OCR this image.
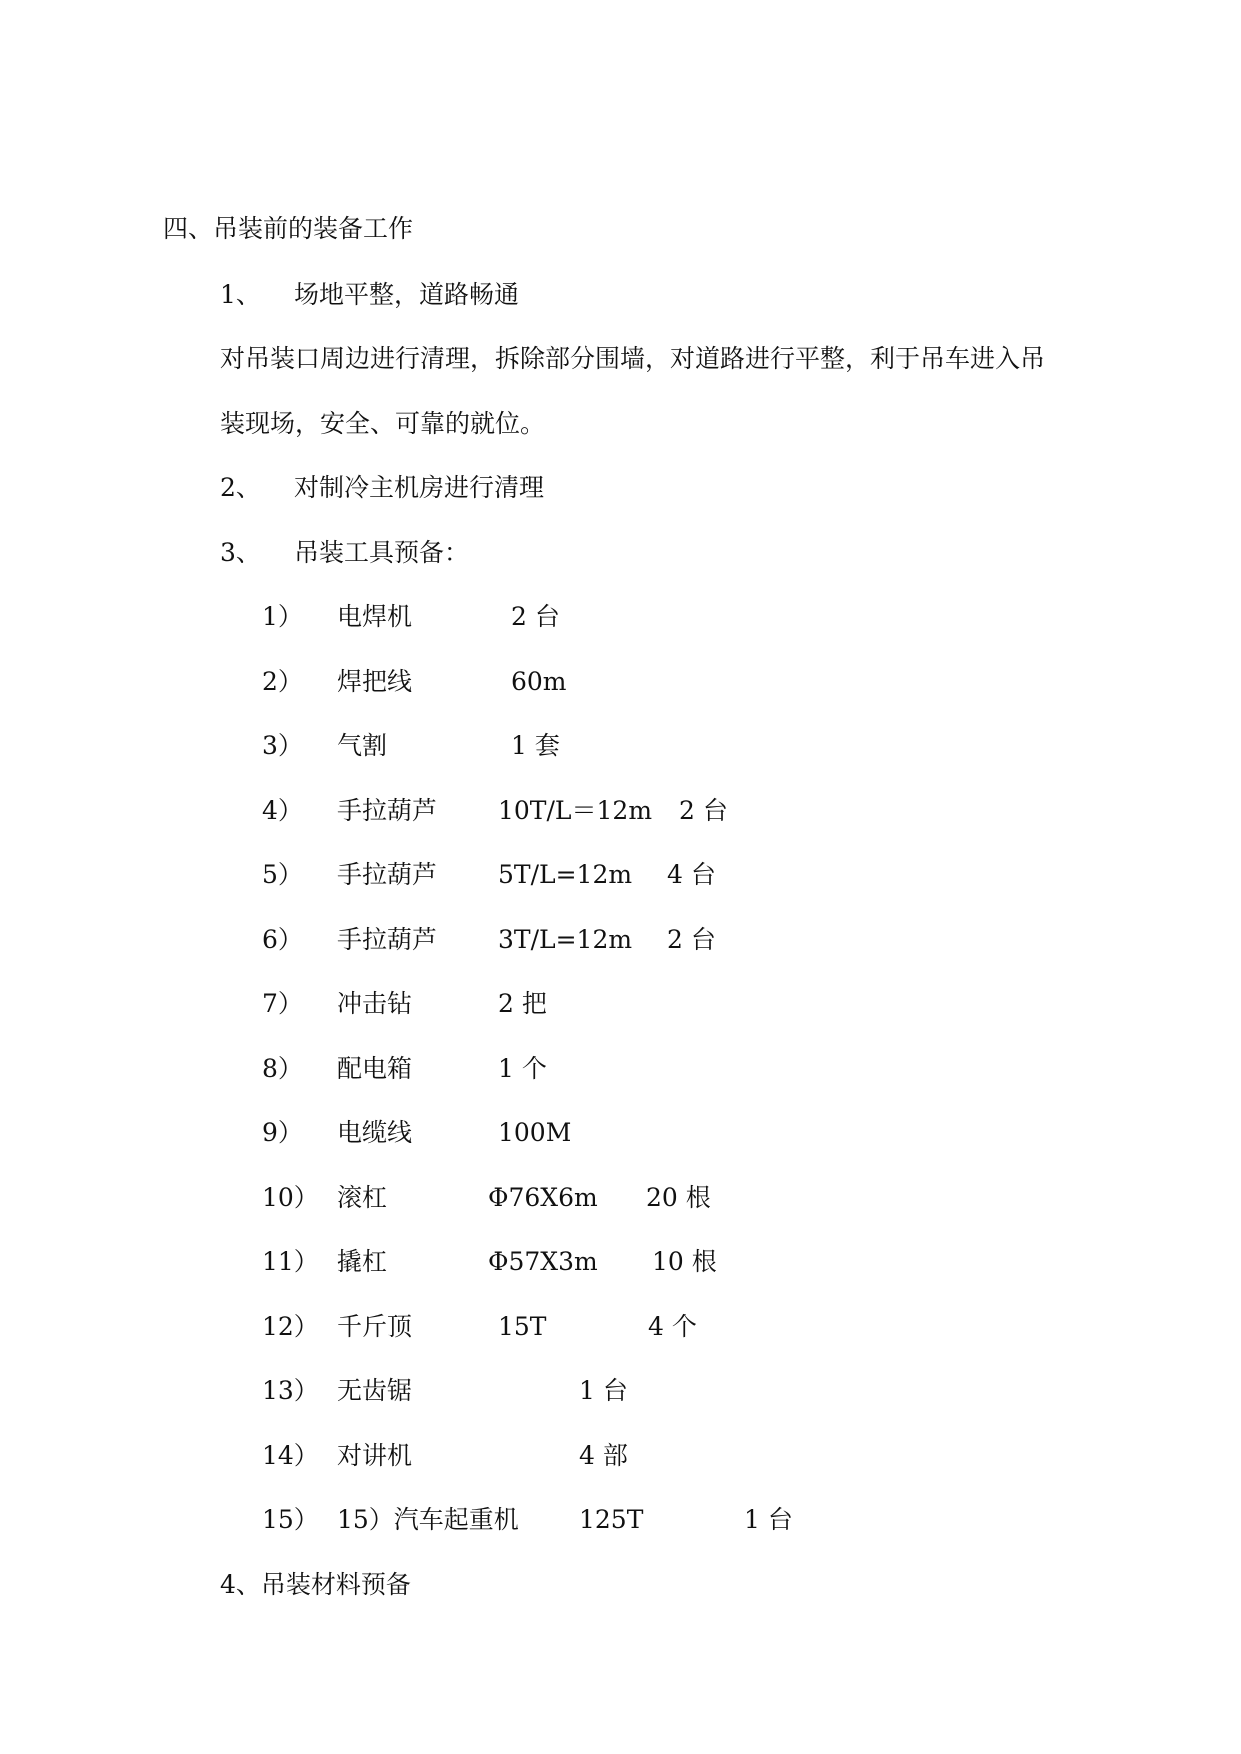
四、吊装前的装备工作
1、 场地平整，道路畅通
对吊装口周边进行清理，拆除部分围墙，对道路进行平整，利于吊车进入吊
装现场，安全、可靠的就位。
2、 对制冷主机房进行清理
3、 吊装工具预备：
1） 电焊机	2 台
2） 焊把线	60m
3） 气割	1 套
4） 手拉葫芦 10T/L＝12m 2 台
5） 手拉葫芦 5T/L=12m 4 台
6） 手拉葫芦 3T/L=12m 2 台
7） 冲击钻	2 把
8） 配电箱	1 个
9） 电缆线	100M
10） 滚杠	Φ76X6m 20 根
11） 撬杠	Φ57X3m 10 根
12） 千斤顶	15T	4 个
13） 无齿锯	1 台
14） 对讲机	4 部
15） 15）汽车起重机 125T	1 台
4、吊装材料预备
